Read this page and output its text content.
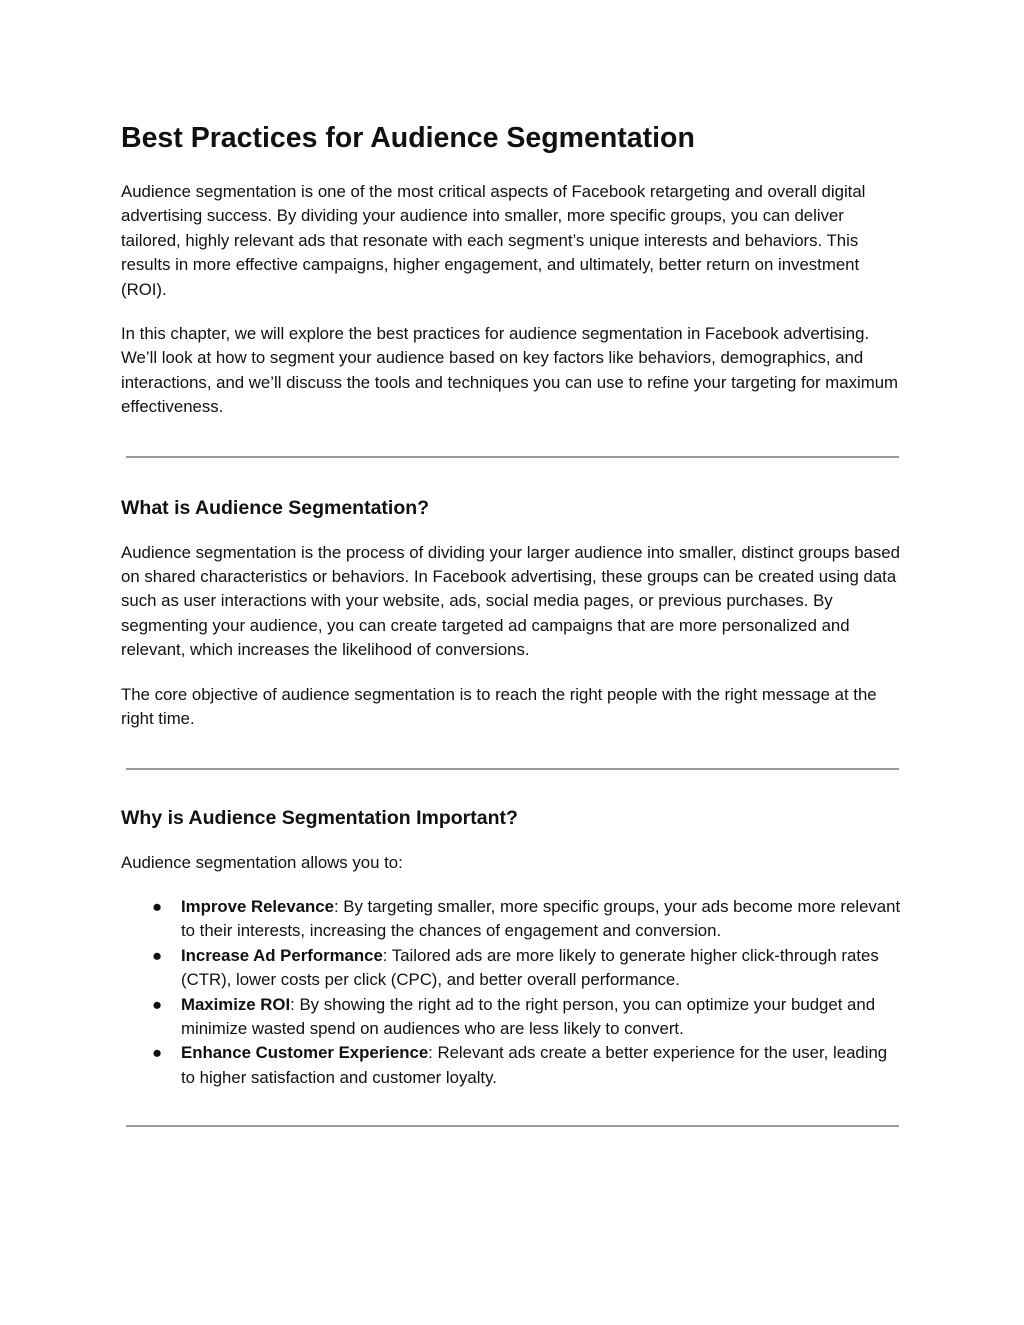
Best Practices for Audience Segmentation

Audience segmentation is one of the most critical aspects of Facebook retargeting and overall digital advertising success. By dividing your audience into smaller, more specific groups, you can deliver tailored, highly relevant ads that resonate with each segment’s unique interests and behaviors. This results in more effective campaigns, higher engagement, and ultimately, better return on investment (ROI).

In this chapter, we will explore the best practices for audience segmentation in Facebook advertising. We’ll look at how to segment your audience based on key factors like behaviors, demographics, and interactions, and we’ll discuss the tools and techniques you can use to refine your targeting for maximum effectiveness.

What is Audience Segmentation?

Audience segmentation is the process of dividing your larger audience into smaller, distinct groups based on shared characteristics or behaviors. In Facebook advertising, these groups can be created using data such as user interactions with your website, ads, social media pages, or previous purchases. By segmenting your audience, you can create targeted ad campaigns that are more personalized and relevant, which increases the likelihood of conversions.

The core objective of audience segmentation is to reach the right people with the right message at the right time.

Why is Audience Segmentation Important?

Audience segmentation allows you to:

● Improve Relevance: By targeting smaller, more specific groups, your ads become more relevant to their interests, increasing the chances of engagement and conversion.
● Increase Ad Performance: Tailored ads are more likely to generate higher click-through rates (CTR), lower costs per click (CPC), and better overall performance.
● Maximize ROI: By showing the right ad to the right person, you can optimize your budget and minimize wasted spend on audiences who are less likely to convert.
● Enhance Customer Experience: Relevant ads create a better experience for the user, leading to higher satisfaction and customer loyalty.
